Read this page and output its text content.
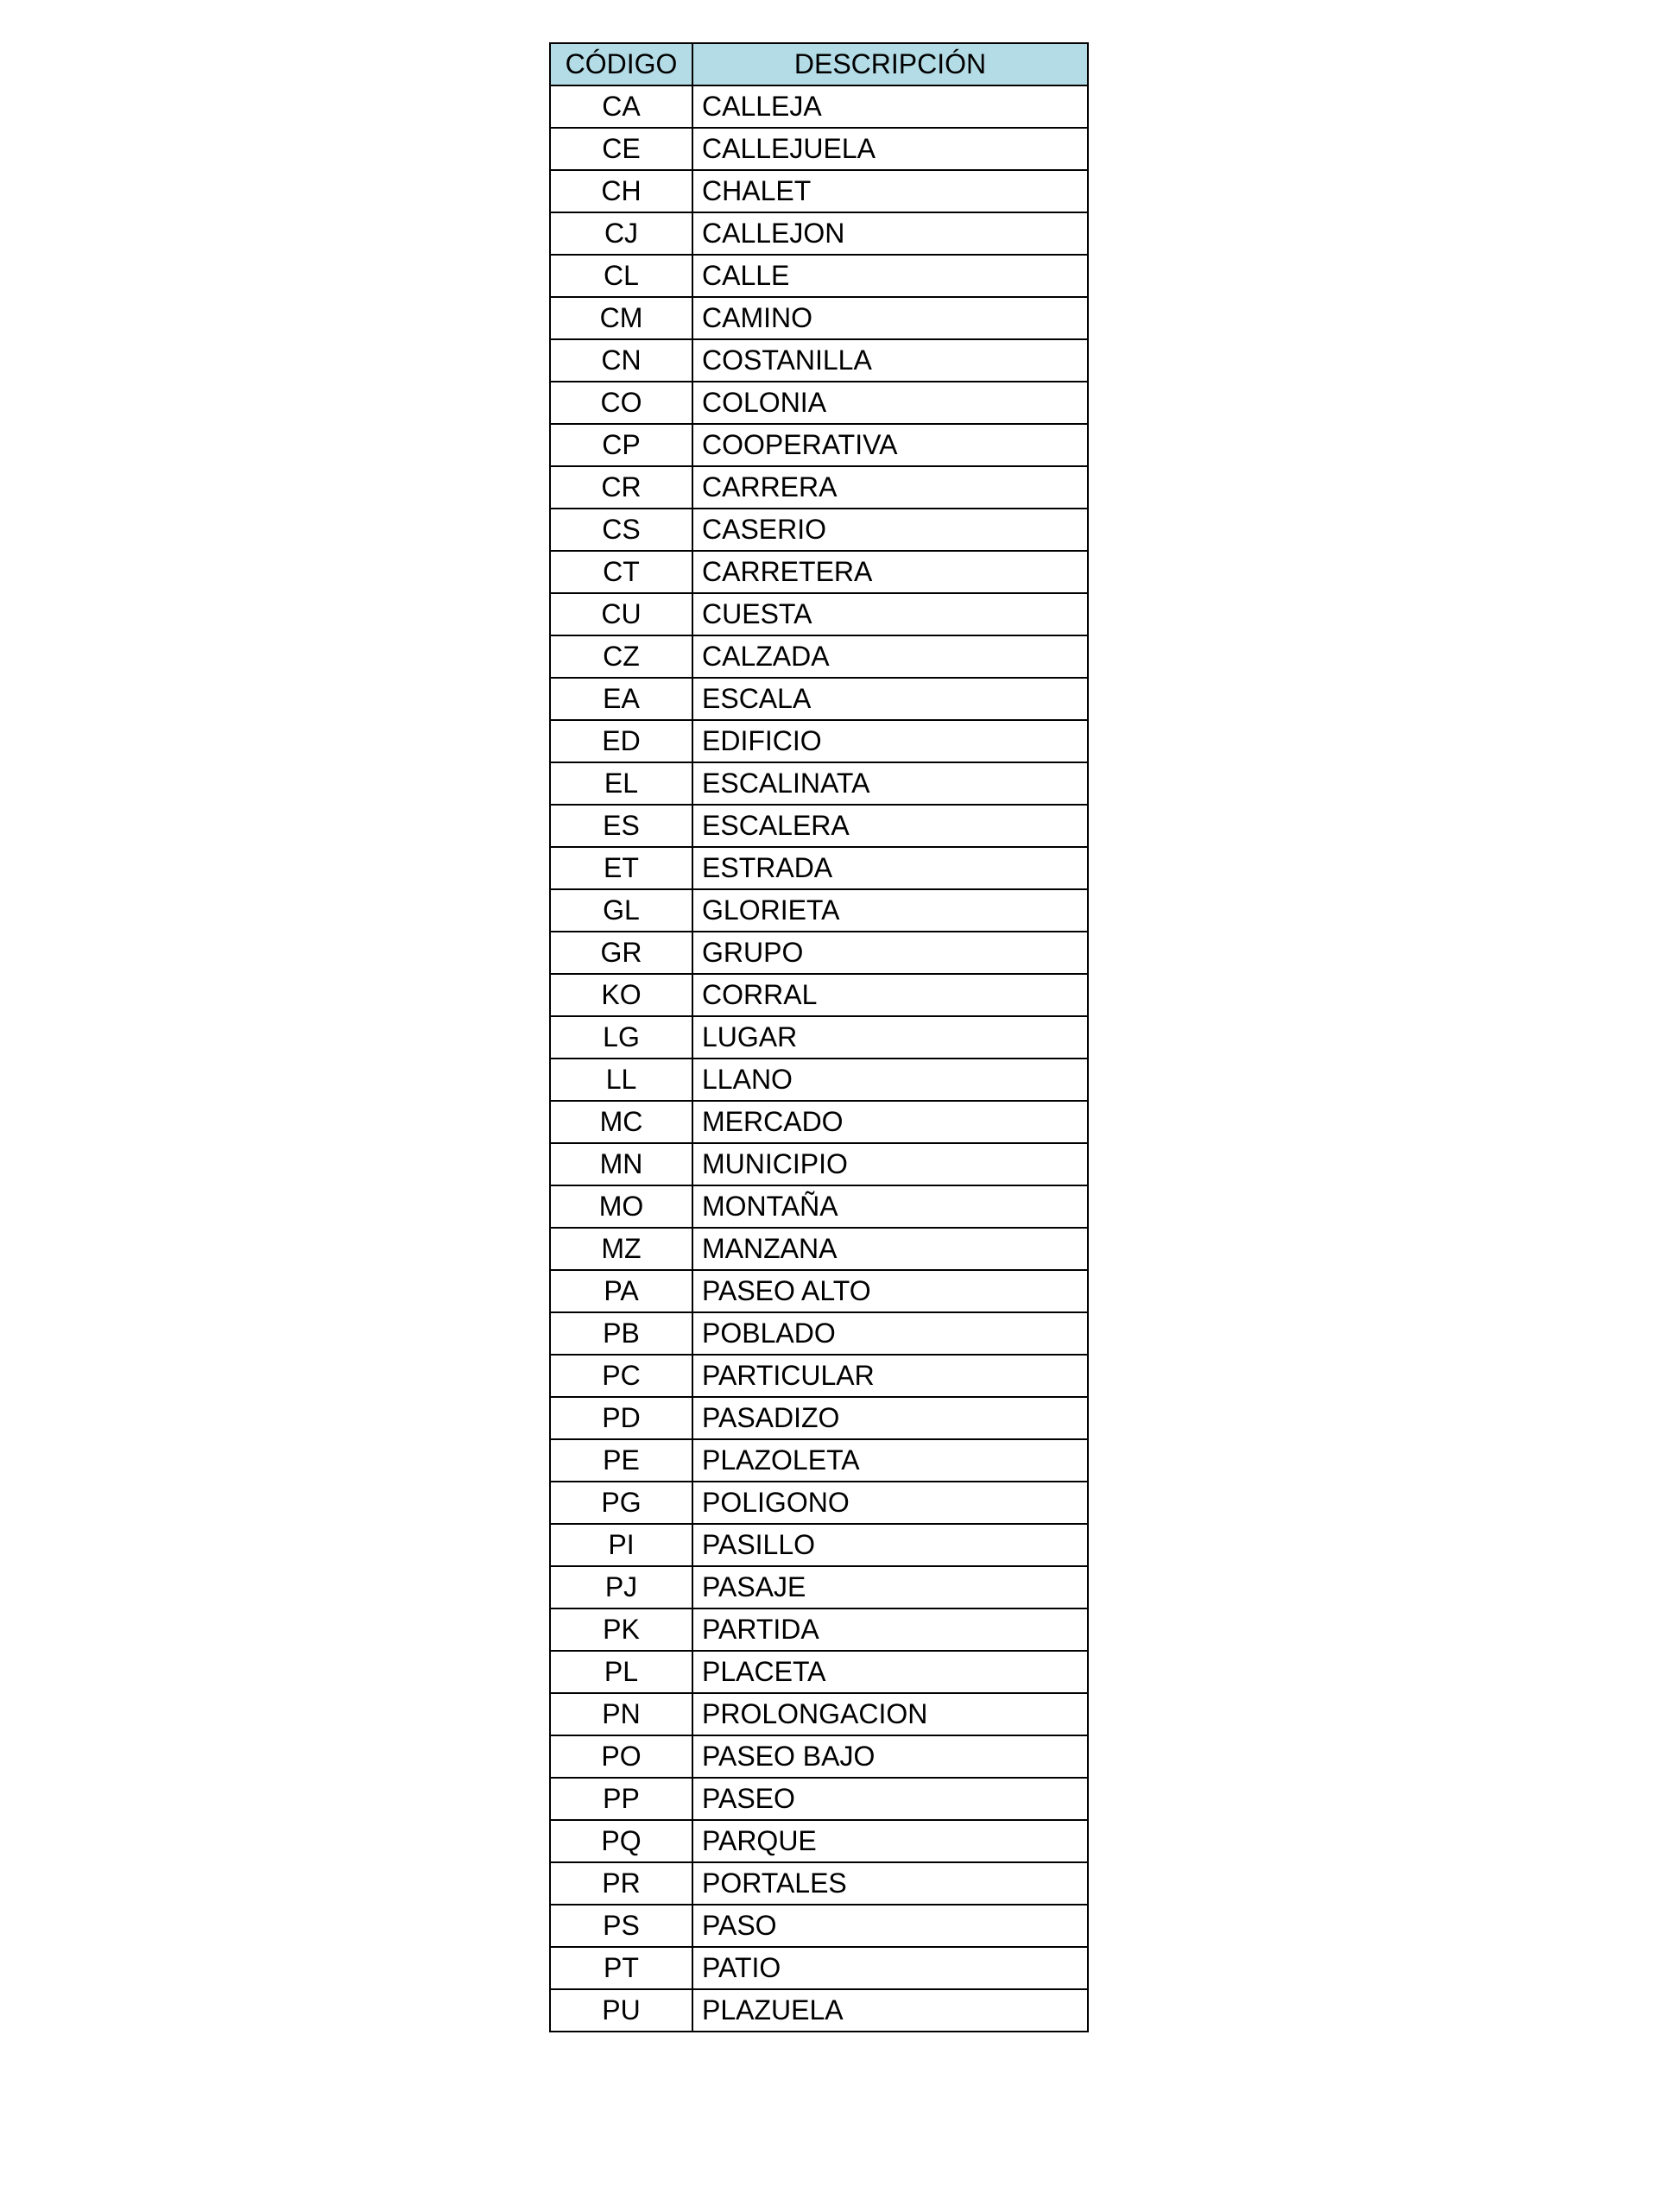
CÓDIGO	DESCRIPCIÓN
CA	CALLEJA
CE	CALLEJUELA
CH	CHALET
CJ	CALLEJON
CL	CALLE
CM	CAMINO
CN	COSTANILLA
CO	COLONIA
CP	COOPERATIVA
CR	CARRERA
CS	CASERIO
CT	CARRETERA
CU	CUESTA
CZ	CALZADA
EA	ESCALA
ED	EDIFICIO
EL	ESCALINATA
ES	ESCALERA
ET	ESTRADA
GL	GLORIETA
GR	GRUPO
KO	CORRAL
LG	LUGAR
LL	LLANO
MC	MERCADO
MN	MUNICIPIO
MO	MONTAÑA
MZ	MANZANA
PA	PASEO ALTO
PB	POBLADO
PC	PARTICULAR
PD	PASADIZO
PE	PLAZOLETA
PG	POLIGONO
PI	PASILLO
PJ	PASAJE
PK	PARTIDA
PL	PLACETA
PN	PROLONGACION
PO	PASEO BAJO
PP	PASEO
PQ	PARQUE
PR	PORTALES
PS	PASO
PT	PATIO
PU	PLAZUELA
